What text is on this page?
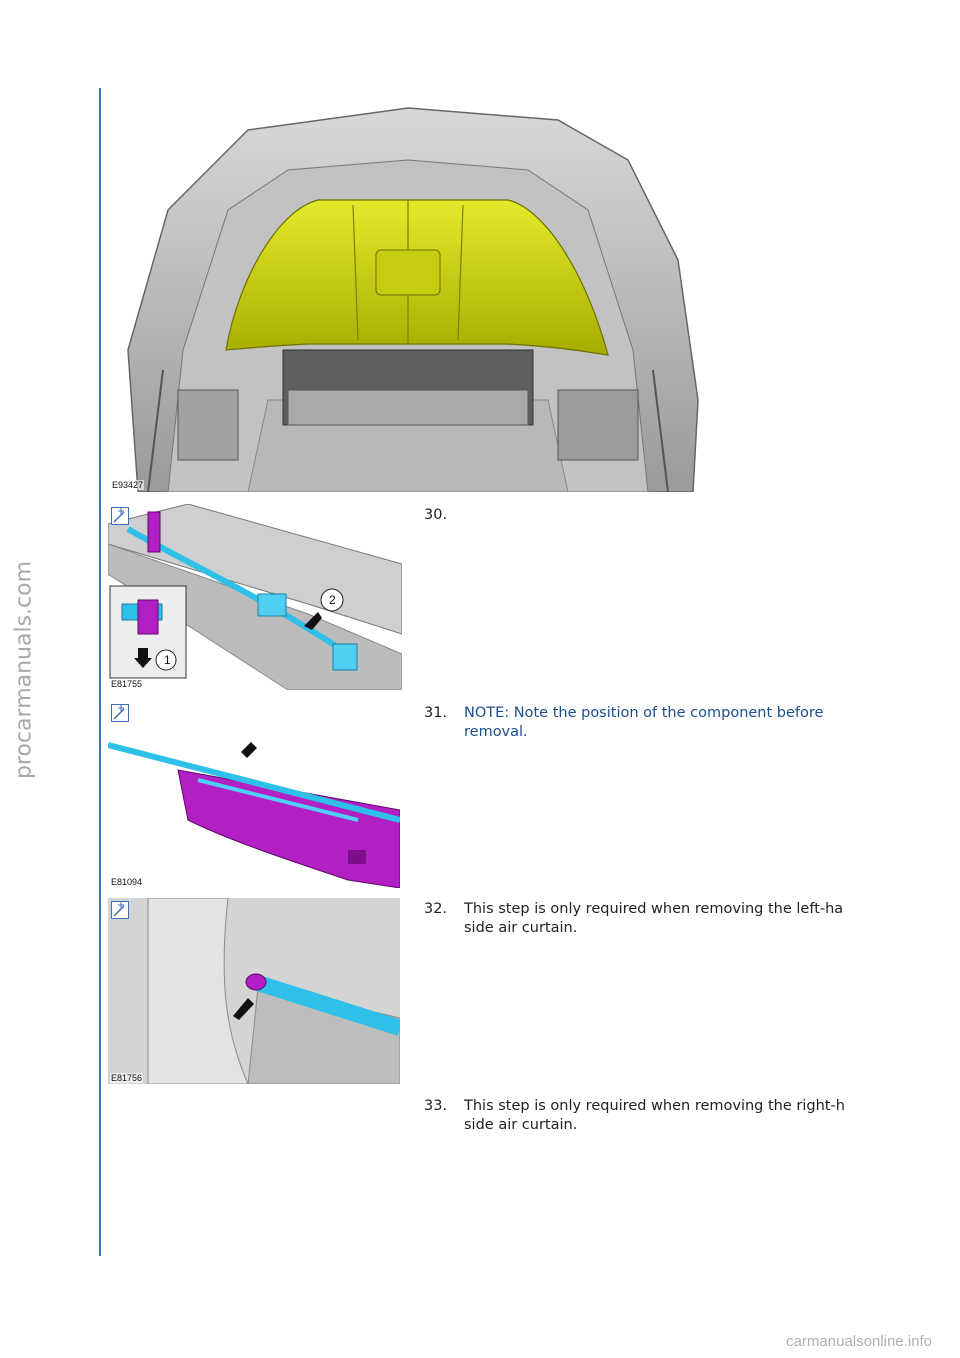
procarmanuals.com
E93427
2
1
E81755
E81094
E81756
30.
31. NOTE: Note the position of the component before removal.
32. This step is only required when removing the left-ha
side air curtain.
33. This step is only required when removing the right-h
side air curtain.
carmanualsonline.info
